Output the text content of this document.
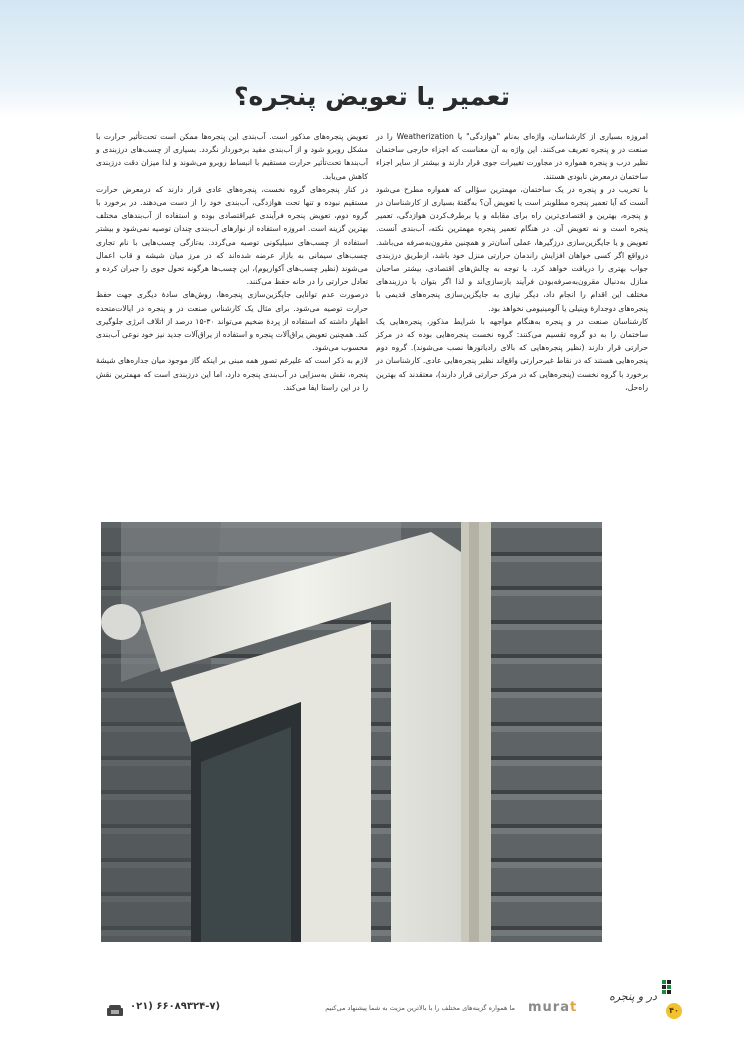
تعمیر یا تعویض پنجره؟

امروزه بسیاری از کارشناسان، واژه‌ای به‌نام "هوازدگی" یا Weatherization را در صنعت در و پنجره تعریف می‌کنند. این واژه به آن معناست که اجزاء خارجی ساختمان نظیر درب و پنجره همواره در مجاورت تغییرات جوی قرار دارند و بیشتر از سایر اجزاء ساختمان درمعرض نابودی هستند.

با تخریب در و پنجره در یک ساختمان، مهمترین سؤالی که همواره مطرح می‌شود آنست که آیا تعمیر پنجره مطلوبتر است یا تعویض آن؟ به‌گفتهٔ بسیاری از کارشناسان در و پنجره، بهترین و اقتصادی‌ترین راه برای مقابله و یا برطرف‌کردن هوازدگی، تعمیر پنجره است و نه تعویض آن. در هنگام تعمیر پنجره مهمترین نکته، آب‌بندی آنست. تعویض و یا جایگزین‌سازی درزگیرها، عملی آسان‌تر و همچنین مقرون‌به‌صرفه می‌باشد. درواقع اگر کسی خواهان افزایش راندمان حرارتی منزل خود باشد، ازطریق درزبندی جواب بهتری را دریافت خواهد کرد. با توجه به چالش‌های اقتصادی، بیشتر صاحبان منازل به‌دنبال مقرون‌به‌صرفه‌بودن فرآیند بازسازی‌اند و لذا اگر بتوان با درزبندهای مختلف این اقدام را انجام داد، دیگر نیازی به جایگزین‌سازی پنجره‌های قدیمی با پنجره‌های دوجدارهٔ وینیلی یا آلومینیومی نخواهد بود.

کارشناسان صنعت در و پنجره به‌هنگام مواجهه با شرایط مذکور، پنجره‌هایی یک ساختمان را به دو گروه تقسیم می‌کنند: گروه نخست پنجره‌هایی بوده که در مرکز حرارتی قرار دارند (نظیر پنجره‌هایی که بالای رادیاتورها نصب می‌شوند). گروه دوم پنجره‌هایی هستند که در نقاط غیرحرارتی واقع‌اند نظیر پنجره‌هایی عادی. کارشناسان در برخورد با گروه نخست (پنجره‌هایی که در مرکز حرارتی قرار دارند)، معتقدند که بهترین راه‌حل،

تعویض پنجره‌های مذکور است. آب‌بندی این پنجره‌ها ممکن است تحت‌تأثیر حرارت با مشکل روبرو شود و از آب‌بندی مفید برخوردار نگردد. بسیاری از چسب‌های درزبندی و آب‌بندها تحت‌تأثیر حرارت مستقیم با انبساط روبرو می‌شوند و لذا میزان دقت درزبندی کاهش می‌یابد.

در کنار پنجره‌های گروه نخست، پنجره‌های عادی قرار دارند که درمعرض حرارت مستقیم نبوده و تنها تحت هوازدگی، آب‌بندی خود را از دست می‌دهند. در برخورد با گروه دوم، تعویض پنجره فرآیندی غیراقتصادی بوده و استفاده از آب‌بندهای مختلف بهترین گزینه است. امروزه استفاده از نوارهای آب‌بندی چندان توصیه نمی‌شود و بیشتر استفاده از چسب‌های سیلیکونی توصیه می‌گردد. به‌تازگی چسب‌هایی با نام تجاری چسب‌های سیمانی به بازار عرضه شده‌اند که در مرز میان شیشه و قاب اعمال می‌شوند (نظیر چسب‌های آکواریوم)، این چسب‌ها هرگونه تحول جوی را جبران کرده و تعادل حرارتی را در خانه حفظ می‌کنند.

درصورت عدم توانایی جایگزین‌سازی پنجره‌ها، روش‌های سادهٔ دیگری جهت حفظ حرارت توصیه می‌شود. برای مثال یک کارشناس صنعت در و پنجره در ایالات‌متحده اظهار داشته که استفاده از پردهٔ ضخیم می‌تواند ۳۰-۱۵ درصد از اتلاف انرژی جلوگیری کند. همچنین تعویض یراق‌آلات پنجره و استفاده از یراق‌آلات جدید نیز خود نوعی آب‌بندی محسوب می‌شود.

لازم به ذکر است که علیرغم تصور همه مبنی بر اینکه گاز موجود میان جداره‌های شیشهٔ پنجره، نقش به‌سزایی در آب‌بندی پنجره دارد، اما این درزبندی است که مهمترین نقش را در این راستا ایفا می‌کند.

۰۲۱) ۶۶۰۸۹۳۲۴-۷)	ما همواره گزینه‌های مختلف را با بالاترین مزیت به شما پیشنهاد می‌کنیم murat
در و پنجره
۴۰
